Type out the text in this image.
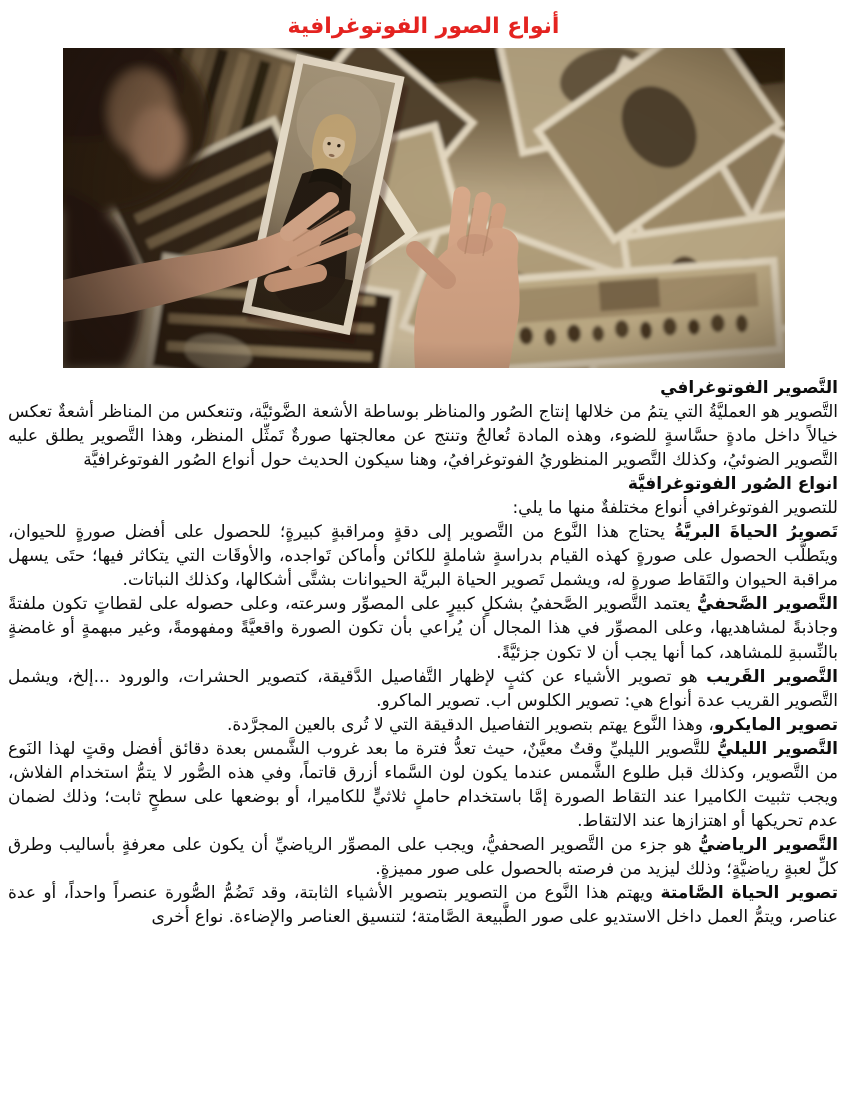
أنواع الصور الفوتوغرافية

التَّصوير الفوتوغرافي

التَّصوير هو العمليَّةُ التي يتمُ من خلالها إنتاج الصُور والمناظر بوساطة الأشعة الضَّوئيَّة، وتنعكس من المناظر أشعةٌ تعكس خيالاً داخل مادةٍ حسَّاسةٍ للضوء، وهذه المادة تُعالجُ وتنتج عن معالجتها صورةٌ تَمثِّل المنظر، وهذا التَّصوير يطلق عليه التَّصوير الضوئيُ، وكذلك التَّصوير المنظوريُ الفوتوغرافيُ، وهنا سيكون الحديث حول أنواع الصُور الفوتوغرافيَّة

انواع الصُور الفوتوغرافيَّة

للتصوير الفوتوغرافي أنواع مختلفةٌ منها ما يلي:

تَصويرُ الحياةَ البريَّةُ يحتاج هذا النَّوع من التَّصوير إلى دقةٍ ومراقبةٍ كبيرةٍ؛ للحصول على أفضل صورةٍ للحيوان، ويتَطلَّب الحصول على صورةٍ كهذه القيام بدراسةٍ شاملةٍ للكائن وأماكن تَواجده، والأوقَات التي يتكاثر فيها؛ حتَى يسهل مراقبة الحيوان والتَقاط صورةٍ له، ويشمل تَصوير الحياة البريَّة الحيوانات بشتَّى أشكالها، وكذلك النباتات.

التَّصوير الصَّحفيُّ يعتمد التَّصوير الصَّحفيُ بشكلٍ كبيرٍ على المصوِّر وسرعته، وعلى حصوله على لقطاتٍ تكون ملفتةً وجاذبةً لمشاهديها، وعلى المصوِّر في هذا المجال أن يُراعي بأن تكون الصورة واقعيَّةً ومفهومةً، وغير مبهمةٍ أو غامضةٍ بالنِّسبةِ للمشاهد، كما أنها يجب أن لا تكون جزئيَّةً.

التَّصوير القَريب هو تصوير الأشياء عن كثبٍ لإظهار التَّفاصيل الدَّقيقة، كتصوير الحشرات، والورود ...إلخ، ويشمل التَّصوير القريب عدة أنواع هي: تصوير الكلوس اب. تصوير الماكرو.

تصوير المايكرو، وهذا النَّوع يهتم بتصوير التفاصيل الدقيقة التي لا تُرى بالعين المجرَّدة.

التَّصوير الليليُّ للتَّصوير الليليِّ وقتٌ معيَّنٌ، حيث تعدُّ فترة ما بعد غروب الشَّمس بعدة دقائق أفضل وقتٍ لهذا النَوع من التَّصوير، وكذلك قبل طلوع الشَّمس عندما يكون لون السَّماء أزرق قاتماً، وفي هذه الصُّور لا يتمُّ استخدام الفلاش، ويجب تثبيت الكاميرا عند التقاط الصورة إمَّا باستخدام حاملٍ ثلاثيٍّ للكاميرا، أو بوضعها على سطحٍ ثابت؛ وذلك لضمان عدم تحريكها أو اهتزازها عند الالتقاط.

التَّصوير الرياضيُّ هو جزء من التَّصوير الصحفيُّ، ويجب على المصوِّر الرياضيِّ أن يكون على معرفةٍ بأساليب وطرق كلِّ لعبةٍ رياضيَّةٍ؛ وذلك ليزيد من فرصته بالحصول على صور مميزةٍ.

تصوير الحياة الصَّامتة ويهتم هذا النَّوع من التصوير بتصوير الأشياء الثابتة، وقد تَضُمُّ الصُّورة عنصراً واحداً، أو عدة عناصر، ويتمُّ العمل داخل الاستديو على صور الطَّبيعة الصَّامتة؛ لتنسيق العناصر والإضاءة. نواع أخرى
